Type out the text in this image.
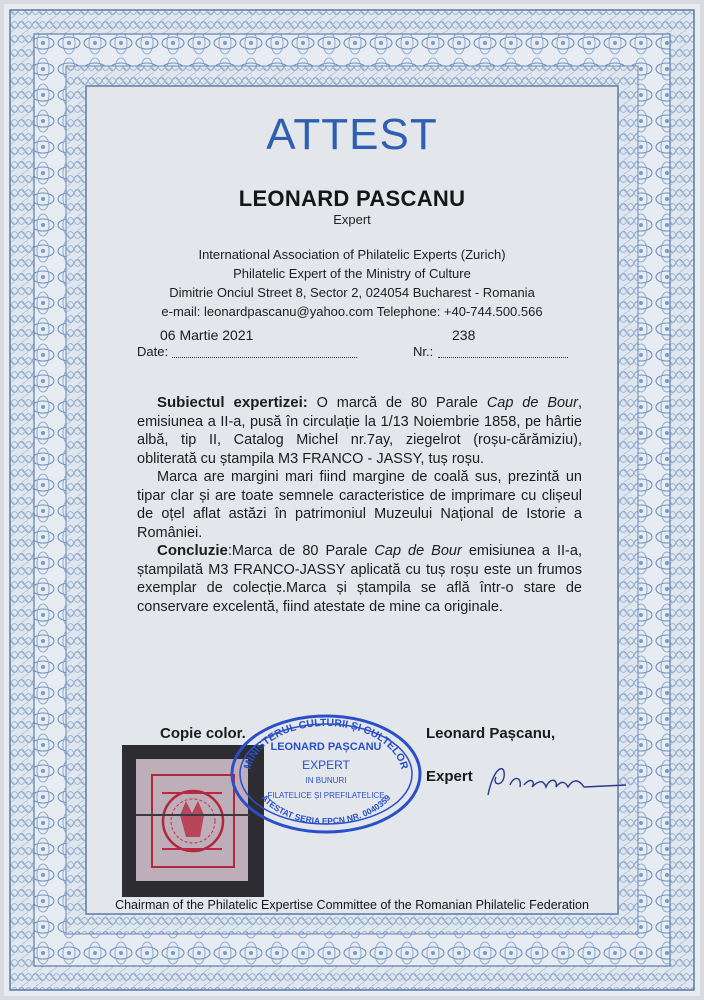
ATTEST
LEONARD PASCANU
Expert
International Association of Philatelic Experts (Zurich)
Philatelic Expert of the Ministry of Culture
Dimitrie Onciul Street 8, Sector 2, 024054 Bucharest - Romania
e-mail: leonardpascanu@yahoo.com Telephone: +40-744.500.566
06 Martie 2021	238
Date:	Nr.:

Subiectul expertizei: O marcă de 80 Parale Cap de Bour, emisiunea a II-a, pusă în circulație la 1/13 Noiembrie 1858, pe hârtie albă, tip II, Catalog Michel nr.7ay, ziegelrot (roșu-cărămiziu), obliterată cu ștampila M3 FRANCO - JASSY, tuș roșu.

Marca are margini mari fiind margine de coală sus, prezintă un tipar clar și are toate semnele caracteristice de imprimare cu clișeul de oțel aflat astăzi în patrimoniul Muzeului Național de Istorie a României.

Concluzie:Marca de 80 Parale Cap de Bour emisiunea a II-a, ștampilată M3 FRANCO-JASSY aplicată cu tuș roșu este un frumos exemplar de colecție.Marca și ștampila se află într-o stare de conservare excelentă, fiind atestate de mine ca originale.

Copie color.	Leonard Pașcanu,
MINISTERUL CULTURII ȘI CULTELOR
LEONARD PAȘCANU
EXPERT
IN BUNURI
FILATELICE ȘI PREFILATELICE
ATESTAT SERIA EPCN NR. 0040359
Expert
Chairman of the Philatelic Expertise Committee of the Romanian Philatelic Federation
